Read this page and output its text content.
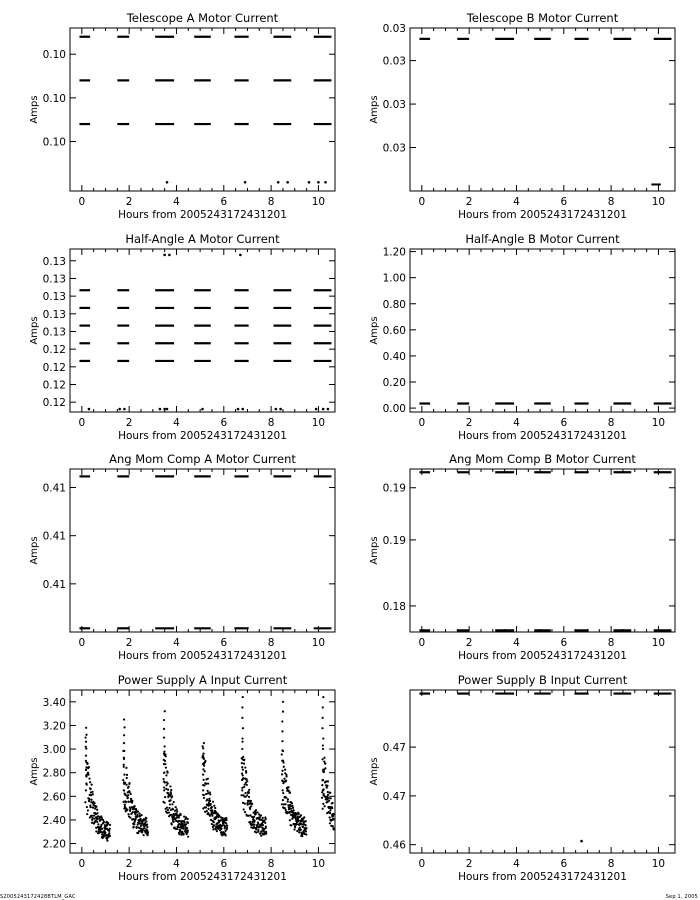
Telescope A Motor Current
Hours from 2005243172431201
Amps
0	2	4	6	8	10
0.10
0.10
0.10
Telescope B Motor Current
Hours from 2005243172431201
Amps
0	2	4	6	8	10
0.03
0.03
0.03
0.03
Half-Angle A Motor Current
Hours from 2005243172431201
Amps
0	2	4	6	8	10
0.12
0.12
0.12
0.12
0.13
0.13
0.13
0.13
0.13
Half-Angle B Motor Current
Hours from 2005243172431201
Amps
0	2	4	6	8	10
0.00
0.20
0.40
0.60
0.80
1.00
1.20
Ang Mom Comp A Motor Current
Hours from 2005243172431201
Amps
0	2	4	6	8	10
0.41
0.41
0.41
Ang Mom Comp B Motor Current
Hours from 2005243172431201
Amps
0	2	4	6	8	10
0.18
0.19
0.19
Power Supply A Input Current
Hours from 2005243172431201
Amps
0	2	4	6	8	10
2.20
2.40
2.60
2.80
3.00
3.20
3.40
Power Supply B Input Current
Hours from 2005243172431201
Amps
0	2	4	6	8	10
0.46
0.47
0.47
S2005243172428BTLM_GAC	Sep 1, 2005
